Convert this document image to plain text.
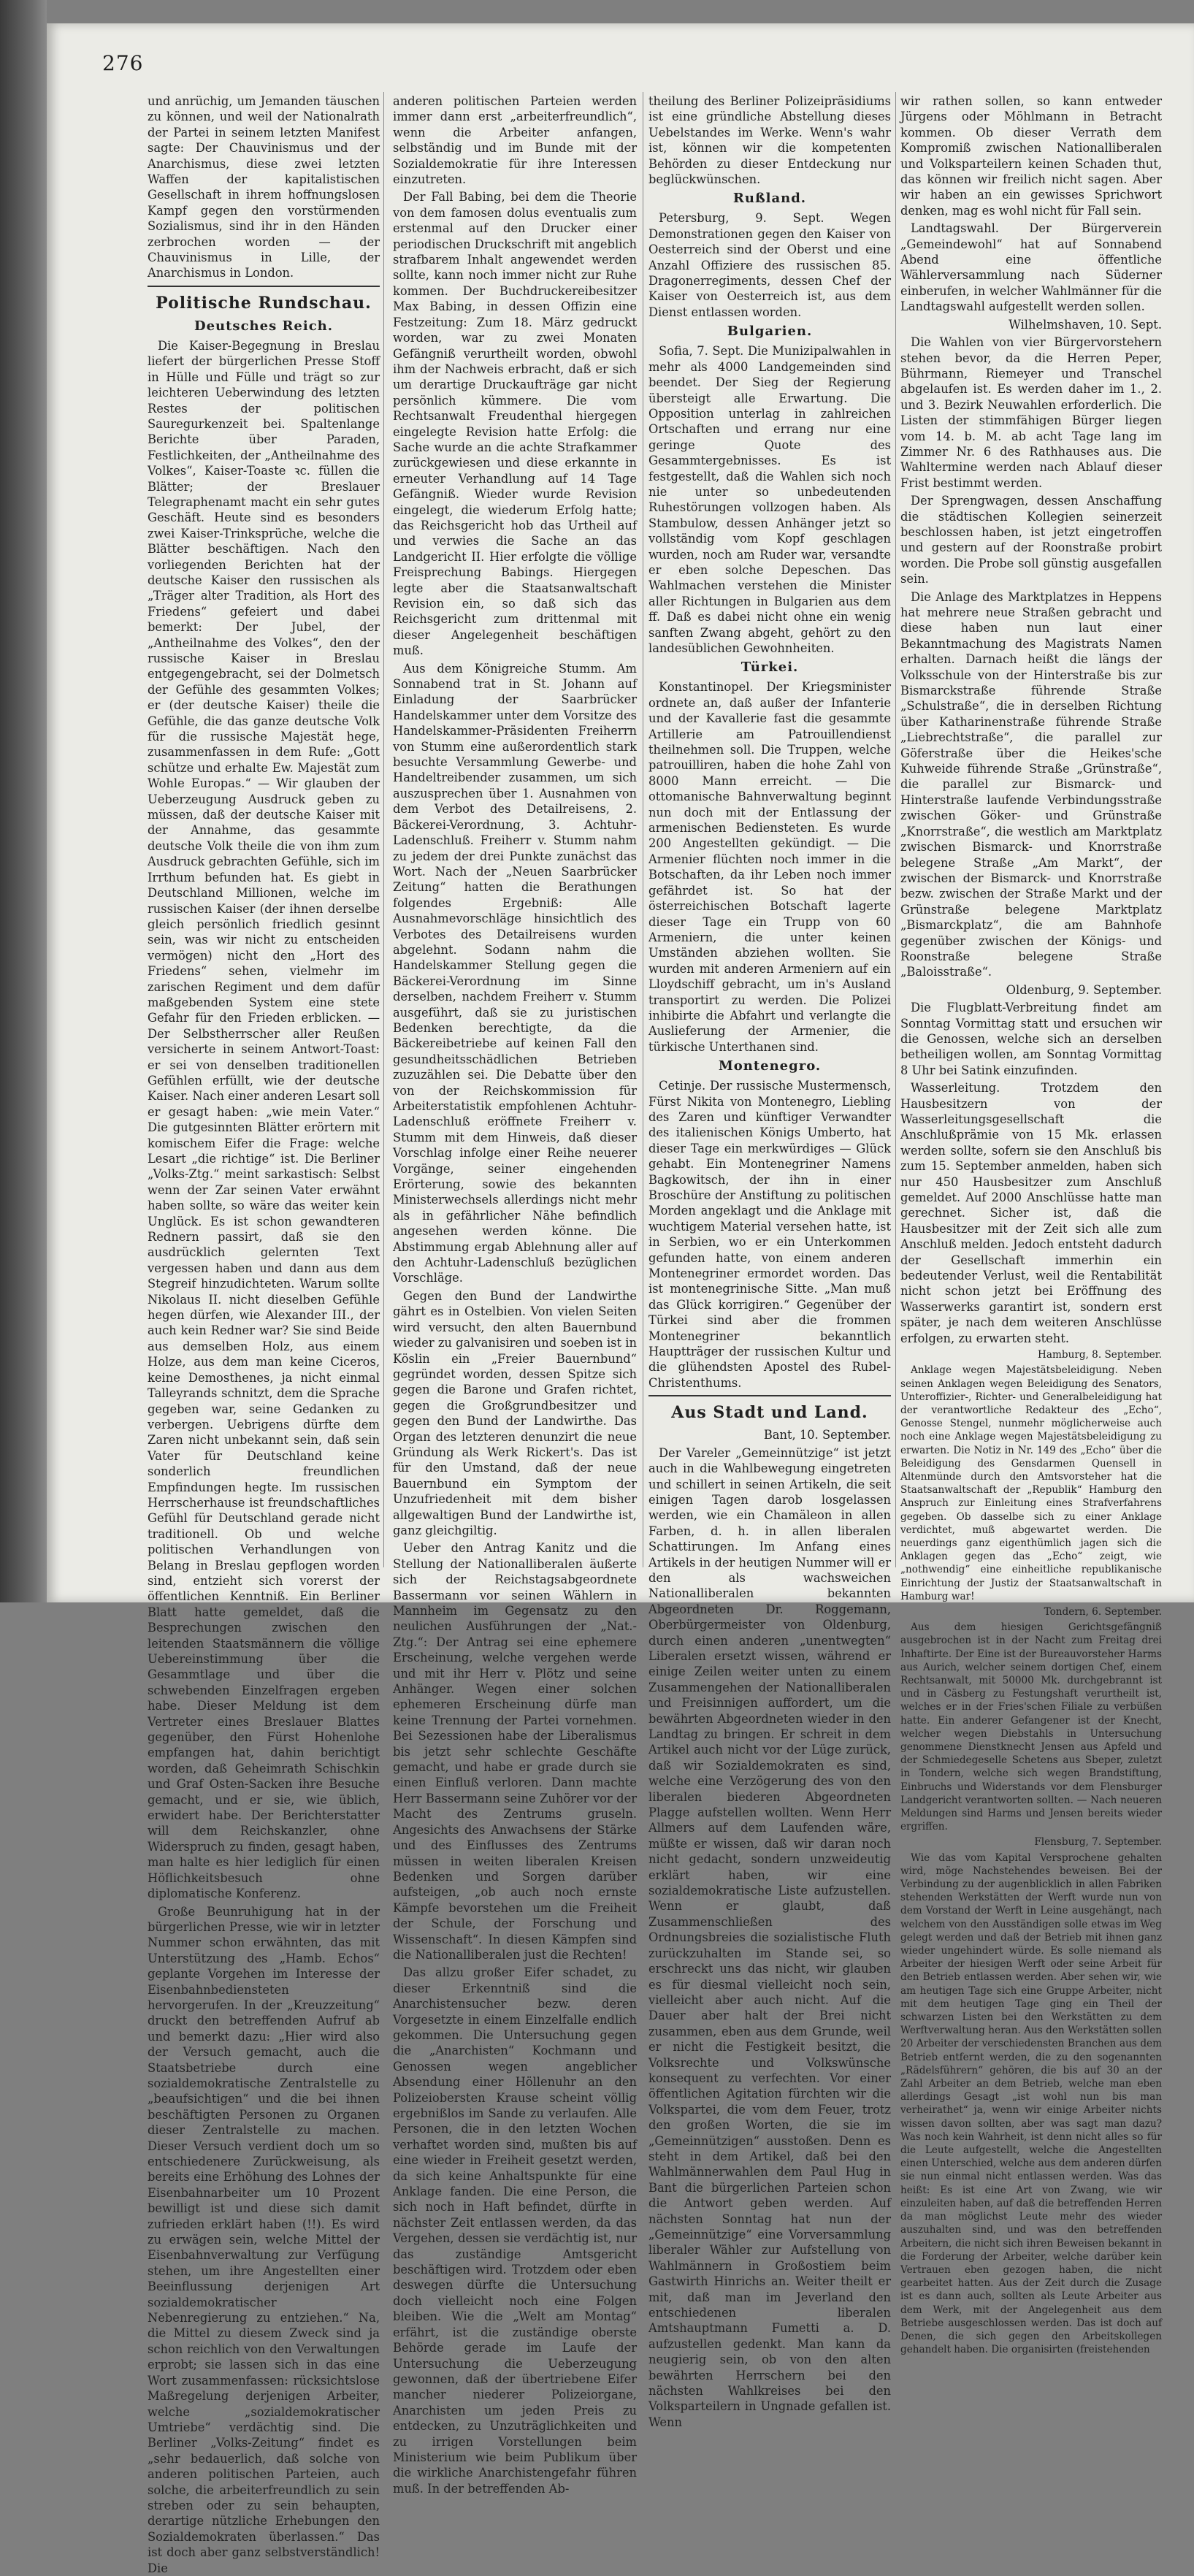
276

und anrüchig, um Jemanden täuschen zu können, und weil der Nationalrath der Partei in seinem letzten Manifest sagte: Der Chauvinismus und der Anarchismus, diese zwei letzten Waffen der kapitalistischen Gesellschaft in ihrem hoffnungslosen Kampf gegen den vorstürmenden Sozialismus, sind ihr in den Händen zerbrochen worden — der Chauvinismus in Lille, der Anarchismus in London.

Politische Rundschau.
Deutsches Reich.

Die Kaiser-Begegnung in Breslau liefert der bürgerlichen Presse Stoff in Hülle und Fülle und trägt so zur leichteren Ueberwindung des letzten Restes der politischen Sauregurkenzeit bei. Spaltenlange Berichte über Paraden, Festlichkeiten, der „Antheilnahme des Volkes“, Kaiser-Toaste ꝛc. füllen die Blätter; der Breslauer Telegraphenamt macht ein sehr gutes Geschäft. Heute sind es besonders zwei Kaiser-Trinksprüche, welche die Blätter beschäftigen. Nach den vorliegenden Berichten hat der deutsche Kaiser den russischen als „Träger alter Tradition, als Hort des Friedens“ gefeiert und dabei bemerkt: Der Jubel, der „Antheilnahme des Volkes“, den der russische Kaiser in Breslau entgegengebracht, sei der Dolmetsch der Gefühle des gesammten Volkes; er (der deutsche Kaiser) theile die Gefühle, die das ganze deutsche Volk für die russische Majestät hege, zusammenfassen in dem Rufe: „Gott schütze und erhalte Ew. Majestät zum Wohle Europas.“ — Wir glauben der Ueberzeugung Ausdruck geben zu müssen, daß der deutsche Kaiser mit der Annahme, das gesammte deutsche Volk theile die von ihm zum Ausdruck gebrachten Gefühle, sich im Irrthum befunden hat. Es giebt in Deutschland Millionen, welche im russischen Kaiser (der ihnen derselbe gleich persönlich friedlich gesinnt sein, was wir nicht zu entscheiden vermögen) nicht den „Hort des Friedens“ sehen, vielmehr im zarischen Regiment und dem dafür maßgebenden System eine stete Gefahr für den Frieden erblicken. — Der Selbstherrscher aller Reußen versicherte in seinem Antwort-Toast: er sei von denselben traditionellen Gefühlen erfüllt, wie der deutsche Kaiser. Nach einer anderen Lesart soll er gesagt haben: „wie mein Vater.“ Die gutgesinnten Blätter erörtern mit komischem Eifer die Frage: welche Lesart „die richtige“ ist. Die Berliner „Volks-Ztg.“ meint sarkastisch: Selbst wenn der Zar seinen Vater erwähnt haben sollte, so wäre das weiter kein Unglück. Es ist schon gewandteren Rednern passirt, daß sie den ausdrücklich gelernten Text vergessen haben und dann aus dem Stegreif hinzudichteten. Warum sollte Nikolaus II. nicht dieselben Gefühle hegen dürfen, wie Alexander III., der auch kein Redner war? Sie sind Beide aus demselben Holz, aus einem Holze, aus dem man keine Ciceros, keine Demosthenes, ja nicht einmal Talleyrands schnitzt, dem die Sprache gegeben war, seine Gedanken zu verbergen. Uebrigens dürfte dem Zaren nicht unbekannt sein, daß sein Vater für Deutschland keine sonderlich freundlichen Empfindungen hegte. Im russischen Herrscherhause ist freundschaftliches Gefühl für Deutschland gerade nicht traditionell. Ob und welche politischen Verhandlungen von Belang in Breslau gepflogen worden sind, entzieht sich vorerst der öffentlichen Kenntniß. Ein Berliner Blatt hatte gemeldet, daß die Besprechungen zwischen den leitenden Staatsmännern die völlige Uebereinstimmung über die Gesammtlage und über die schwebenden Einzelfragen ergeben habe. Dieser Meldung ist dem Vertreter eines Breslauer Blattes gegenüber, den Fürst Hohenlohe empfangen hat, dahin berichtigt worden, daß Geheimrath Schischkin und Graf Osten-Sacken ihre Besuche gemacht, und er sie, wie üblich, erwidert habe. Der Berichterstatter will dem Reichskanzler, ohne Widerspruch zu finden, gesagt haben, man halte es hier lediglich für einen Höflichkeitsbesuch ohne diplomatische Konferenz.

Große Beunruhigung hat in der bürgerlichen Presse, wie wir in letzter Nummer schon erwähnten, das mit Unterstützung des „Hamb. Echos“ geplante Vorgehen im Interesse der Eisenbahnbediensteten hervorgerufen. In der „Kreuzzeitung“ druckt den betreffenden Aufruf ab und bemerkt dazu: „Hier wird also der Versuch gemacht, auch die Staatsbetriebe durch eine sozialdemokratische Zentralstelle zu „beaufsichtigen“ und die bei ihnen beschäftigten Personen zu Organen dieser Zentralstelle zu machen. Dieser Versuch verdient doch um so entschiedenere Zurückweisung, als bereits eine Erhöhung des Lohnes der Eisenbahnarbeiter um 10 Prozent bewilligt ist und diese sich damit zufrieden erklärt haben (!!). Es wird zu erwägen sein, welche Mittel der Eisenbahnverwaltung zur Verfügung stehen, um ihre Angestellten einer Beeinflussung derjenigen Art sozialdemokratischer Nebenregierung zu entziehen.“ Na, die Mittel zu diesem Zweck sind ja schon reichlich von den Verwaltungen erprobt; sie lassen sich in das eine Wort zusammenfassen: rücksichtslose Maßregelung derjenigen Arbeiter, welche „sozialdemokratischer Umtriebe“ verdächtig sind. Die Berliner „Volks-Zeitung“ findet es „sehr bedauerlich, daß solche von anderen politischen Parteien, auch solche, die arbeiterfreundlich zu sein streben oder zu sein behaupten, derartige nützliche Erhebungen den Sozialdemokraten überlassen.“ Das ist doch aber ganz selbstverständlich! Die

anderen politischen Parteien werden immer dann erst „arbeiterfreundlich“, wenn die Arbeiter anfangen, selbständig und im Bunde mit der Sozialdemokratie für ihre Interessen einzutreten.

Der Fall Babing, bei dem die Theorie von dem famosen dolus eventualis zum erstenmal auf den Drucker einer periodischen Druckschrift mit angeblich strafbarem Inhalt angewendet werden sollte, kann noch immer nicht zur Ruhe kommen. Der Buchdruckereibesitzer Max Babing, in dessen Offizin eine Festzeitung: Zum 18. März gedruckt worden, war zu zwei Monaten Gefängniß verurtheilt worden, obwohl ihm der Nachweis erbracht, daß er sich um derartige Druckaufträge gar nicht persönlich kümmere. Die vom Rechtsanwalt Freudenthal hiergegen eingelegte Revision hatte Erfolg: die Sache wurde an die achte Strafkammer zurückgewiesen und diese erkannte in erneuter Verhandlung auf 14 Tage Gefängniß. Wieder wurde Revision eingelegt, die wiederum Erfolg hatte; das Reichsgericht hob das Urtheil auf und verwies die Sache an das Landgericht II. Hier erfolgte die völlige Freisprechung Babings. Hiergegen legte aber die Staatsanwaltschaft Revision ein, so daß sich das Reichsgericht zum drittenmal mit dieser Angelegenheit beschäftigen muß.

Aus dem Königreiche Stumm. Am Sonnabend trat in St. Johann auf Einladung der Saarbrücker Handelskammer unter dem Vorsitze des Handelskammer-Präsidenten Freiherrn von Stumm eine außerordentlich stark besuchte Versammlung Gewerbe- und Handeltreibender zusammen, um sich auszusprechen über 1. Ausnahmen von dem Verbot des Detailreisens, 2. Bäckerei-Verordnung, 3. Achtuhr-Ladenschluß. Freiherr v. Stumm nahm zu jedem der drei Punkte zunächst das Wort. Nach der „Neuen Saarbrücker Zeitung“ hatten die Berathungen folgendes Ergebniß: Alle Ausnahmevorschläge hinsichtlich des Verbotes des Detailreisens wurden abgelehnt. Sodann nahm die Handelskammer Stellung gegen die Bäckerei-Verordnung im Sinne derselben, nachdem Freiherr v. Stumm ausgeführt, daß sie zu juristischen Bedenken berechtigte, da die Bäckereibetriebe auf keinen Fall den gesundheitsschädlichen Betrieben zuzuzählen sei. Die Debatte über den von der Reichskommission für Arbeiterstatistik empfohlenen Achtuhr-Ladenschluß eröffnete Freiherr v. Stumm mit dem Hinweis, daß dieser Vorschlag infolge einer Reihe neuerer Vorgänge, seiner eingehenden Erörterung, sowie des bekannten Ministerwechsels allerdings nicht mehr als in gefährlicher Nähe befindlich angesehen werden könne. Die Abstimmung ergab Ablehnung aller auf den Achtuhr-Ladenschluß bezüglichen Vorschläge.

Gegen den Bund der Landwirthe gährt es in Ostelbien. Von vielen Seiten wird versucht, den alten Bauernbund wieder zu galvanisiren und soeben ist in Köslin ein „Freier Bauernbund“ gegründet worden, dessen Spitze sich gegen die Barone und Grafen richtet, gegen die Großgrundbesitzer und gegen den Bund der Landwirthe. Das Organ des letzteren denunzirt die neue Gründung als Werk Rickert's. Das ist für den Umstand, daß der neue Bauernbund ein Symptom der Unzufriedenheit mit dem bisher allgewaltigen Bund der Landwirthe ist, ganz gleichgiltig.

Ueber den Antrag Kanitz und die Stellung der Nationalliberalen äußerte sich der Reichstagsabgeordnete Bassermann vor seinen Wählern in Mannheim im Gegensatz zu den neulichen Ausführungen der „Nat.-Ztg.“: Der Antrag sei eine ephemere Erscheinung, welche vergehen werde und mit ihr Herr v. Plötz und seine Anhänger. Wegen einer solchen ephemeren Erscheinung dürfe man keine Trennung der Partei vornehmen. Bei Sezessionen habe der Liberalismus bis jetzt sehr schlechte Geschäfte gemacht, und habe er grade durch sie einen Einfluß verloren. Dann machte Herr Bassermann seine Zuhörer vor der Macht des Zentrums gruseln. Angesichts des Anwachsens der Stärke und des Einflusses des Zentrums müssen in weiten liberalen Kreisen Bedenken und Sorgen darüber aufsteigen, „ob auch noch ernste Kämpfe bevorstehen um die Freiheit der Schule, der Forschung und Wissenschaft“. In diesen Kämpfen sind die Nationalliberalen just die Rechten!

Das allzu großer Eifer schadet, zu dieser Erkenntniß sind die Anarchistensucher bezw. deren Vorgesetzte in einem Einzelfalle endlich gekommen. Die Untersuchung gegen die „Anarchisten“ Kochmann und Genossen wegen angeblicher Absendung einer Höllenuhr an den Polizeiobersten Krause scheint völlig ergebnißlos im Sande zu verlaufen. Alle Personen, die in den letzten Wochen verhaftet worden sind, mußten bis auf eine wieder in Freiheit gesetzt werden, da sich keine Anhaltspunkte für eine Anklage fanden. Die eine Person, die sich noch in Haft befindet, dürfte in nächster Zeit entlassen werden, da das Vergehen, dessen sie verdächtig ist, nur das zuständige Amtsgericht beschäftigen wird. Trotzdem oder eben deswegen dürfte die Untersuchung doch vielleicht noch eine Folgen bleiben. Wie die „Welt am Montag“ erfährt, ist die zuständige oberste Behörde gerade im Laufe der Untersuchung die Ueberzeugung gewonnen, daß der übertriebene Eifer mancher niederer Polizeiorgane, Anarchisten um jeden Preis zu entdecken, zu Unzuträglichkeiten und zu irrigen Vorstellungen beim Ministerium wie beim Publikum über die wirkliche Anarchistengefahr führen muß. In der betreffenden Ab-

theilung des Berliner Polizeipräsidiums ist eine gründliche Abstellung dieses Uebelstandes im Werke. Wenn's wahr ist, können wir die kompetenten Behörden zu dieser Entdeckung nur beglückwünschen.

Rußland.

Petersburg, 9. Sept. Wegen Demonstrationen gegen den Kaiser von Oesterreich sind der Oberst und eine Anzahl Offiziere des russischen 85. Dragonerregiments, dessen Chef der Kaiser von Oesterreich ist, aus dem Dienst entlassen worden.

Bulgarien.

Sofia, 7. Sept. Die Munizipalwahlen in mehr als 4000 Landgemeinden sind beendet. Der Sieg der Regierung übersteigt alle Erwartung. Die Opposition unterlag in zahlreichen Ortschaften und errang nur eine geringe Quote des Gesammtergebnisses. Es ist festgestellt, daß die Wahlen sich noch nie unter so unbedeutenden Ruhestörungen vollzogen haben. Als Stambulow, dessen Anhänger jetzt so vollständig vom Kopf geschlagen wurden, noch am Ruder war, versandte er eben solche Depeschen. Das Wahlmachen verstehen die Minister aller Richtungen in Bulgarien aus dem ff. Daß es dabei nicht ohne ein wenig sanften Zwang abgeht, gehört zu den landesüblichen Gewohnheiten.

Türkei.

Konstantinopel. Der Kriegsminister ordnete an, daß außer der Infanterie und der Kavallerie fast die gesammte Artillerie am Patrouillendienst theilnehmen soll. Die Truppen, welche patrouilliren, haben die hohe Zahl von 8000 Mann erreicht. — Die ottomanische Bahnverwaltung beginnt nun doch mit der Entlassung der armenischen Bediensteten. Es wurde 200 Angestellten gekündigt. — Die Armenier flüchten noch immer in die Botschaften, da ihr Leben noch immer gefährdet ist. So hat der österreichischen Botschaft lagerte dieser Tage ein Trupp von 60 Armeniern, die unter keinen Umständen abziehen wollten. Sie wurden mit anderen Armeniern auf ein Lloydschiff gebracht, um in's Ausland transportirt zu werden. Die Polizei inhibirte die Abfahrt und verlangte die Auslieferung der Armenier, die türkische Unterthanen sind.

Montenegro.

Cetinje. Der russische Mustermensch, Fürst Nikita von Montenegro, Liebling des Zaren und künftiger Verwandter des italienischen Königs Umberto, hat dieser Tage ein merkwürdiges — Glück gehabt. Ein Montenegriner Namens Bagkowitsch, der ihn in einer Broschüre der Anstiftung zu politischen Morden angeklagt und die Anklage mit wuchtigem Material versehen hatte, ist in Serbien, wo er ein Unterkommen gefunden hatte, von einem anderen Montenegriner ermordet worden. Das ist montenegrinische Sitte. „Man muß das Glück korrigiren.“ Gegenüber der Türkei sind aber die frommen Montenegriner bekanntlich Hauptträger der russischen Kultur und die glühendsten Apostel des Rubel-Christenthums.

Aus Stadt und Land.

Bant, 10. September.

Der Vareler „Gemeinnützige“ ist jetzt auch in die Wahlbewegung eingetreten und schillert in seinen Artikeln, die seit einigen Tagen darob losgelassen werden, wie ein Chamäleon in allen Farben, d. h. in allen liberalen Schattirungen. Im Anfang eines Artikels in der heutigen Nummer will er den als wachsweichen Nationalliberalen bekannten Abgeordneten Dr. Roggemann, Oberbürgermeister von Oldenburg, durch einen anderen „unentwegten“ Liberalen ersetzt wissen, während er einige Zeilen weiter unten zu einem Zusammengehen der Nationalliberalen und Freisinnigen auffordert, um die bewährten Abgeordneten wieder in den Landtag zu bringen. Er schreit in dem Artikel auch nicht vor der Lüge zurück, daß wir Sozialdemokraten es sind, welche eine Verzögerung des von den liberalen biederen Abgeordneten Plagge aufstellen wollten. Wenn Herr Allmers auf dem Laufenden wäre, müßte er wissen, daß wir daran noch nicht gedacht, sondern unzweideutig erklärt haben, wir eine sozialdemokratische Liste aufzustellen. Wenn er glaubt, daß Zusammenschließen des Ordnungsbreies die sozialistische Fluth zurückzuhalten im Stande sei, so erschreckt uns das nicht, wir glauben es für diesmal vielleicht noch sein, vielleicht aber auch nicht. Auf die Dauer aber halt der Brei nicht zusammen, eben aus dem Grunde, weil er nicht die Festigkeit besitzt, die Volksrechte und Volkswünsche konsequent zu verfechten. Vor einer öffentlichen Agitation fürchten wir die Volkspartei, die vom dem Feuer, trotz den großen Worten, die sie im „Gemeinnützigen“ ausstoßen. Denn es steht in dem Artikel, daß bei den Wahlmännerwahlen dem Paul Hug in Bant die bürgerlichen Parteien schon die Antwort geben werden. Auf nächsten Sonntag hat nun der „Gemeinnützige“ eine Vorversammlung liberaler Wähler zur Aufstellung von Wahlmännern in Großostiem beim Gastwirth Hinrichs an. Weiter theilt er mit, daß man im Jeverland den entschiedenen liberalen Amtshauptmann Fumetti a. D. aufzustellen gedenkt. Man kann da neugierig sein, ob von den alten bewährten Herrschern bei den nächsten Wahlkreises bei den Volksparteilern in Ungnade gefallen ist. Wenn

wir rathen sollen, so kann entweder Jürgens oder Möhlmann in Betracht kommen. Ob dieser Verrath dem Kompromiß zwischen Nationalliberalen und Volksparteilern keinen Schaden thut, das können wir freilich nicht sagen. Aber wir haben an ein gewisses Sprichwort denken, mag es wohl nicht für Fall sein.

Landtagswahl. Der Bürgerverein „Gemeindewohl“ hat auf Sonnabend Abend eine öffentliche Wählerversammlung nach Süderner einberufen, in welcher Wahlmänner für die Landtagswahl aufgestellt werden sollen.

Wilhelmshaven, 10. Sept.

Die Wahlen von vier Bürgervorstehern stehen bevor, da die Herren Peper, Bührmann, Riemeyer und Transchel abgelaufen ist. Es werden daher im 1., 2. und 3. Bezirk Neuwahlen erforderlich. Die Listen der stimmfähigen Bürger liegen vom 14. b. M. ab acht Tage lang im Zimmer Nr. 6 des Rathhauses aus. Die Wahltermine werden nach Ablauf dieser Frist bestimmt werden.

Der Sprengwagen, dessen Anschaffung die städtischen Kollegien seinerzeit beschlossen haben, ist jetzt eingetroffen und gestern auf der Roonstraße probirt worden. Die Probe soll günstig ausgefallen sein.

Die Anlage des Marktplatzes in Heppens hat mehrere neue Straßen gebracht und diese haben nun laut einer Bekanntmachung des Magistrats Namen erhalten. Darnach heißt die längs der Volksschule von der Hinterstraße bis zur Bismarckstraße führende Straße „Schulstraße“, die in derselben Richtung über Katharinenstraße führende Straße „Liebrechtstraße“, die parallel zur Göferstraße über die Heikes'sche Kuhweide führende Straße „Grünstraße“, die parallel zur Bismarck- und Hinterstraße laufende Verbindungsstraße zwischen Göker- und Grünstraße „Knorrstraße“, die westlich am Marktplatz zwischen Bismarck- und Knorrstraße belegene Straße „Am Markt“, der zwischen der Bismarck- und Knorrstraße bezw. zwischen der Straße Markt und der Grünstraße belegene Marktplatz „Bismarckplatz“, die am Bahnhofe gegenüber zwischen der Königs- und Roonstraße belegene Straße „Baloisstraße“.

Oldenburg, 9. September.

Die Flugblatt-Verbreitung findet am Sonntag Vormittag statt und ersuchen wir die Genossen, welche sich an derselben betheiligen wollen, am Sonntag Vormittag 8 Uhr bei Satink einzufinden.

Wasserleitung. Trotzdem den Hausbesitzern von der Wasserleitungsgesellschaft die Anschlußprämie von 15 Mk. erlassen werden sollte, sofern sie den Anschluß bis zum 15. September anmelden, haben sich nur 450 Hausbesitzer zum Anschluß gemeldet. Auf 2000 Anschlüsse hatte man gerechnet. Sicher ist, daß die Hausbesitzer mit der Zeit sich alle zum Anschluß melden. Jedoch entsteht dadurch der Gesellschaft immerhin ein bedeutender Verlust, weil die Rentabilität nicht schon jetzt bei Eröffnung des Wasserwerks garantirt ist, sondern erst später, je nach dem weiteren Anschlüsse erfolgen, zu erwarten steht.

Hamburg, 8. September.

Anklage wegen Majestätsbeleidigung. Neben seinen Anklagen wegen Beleidigung des Senators, Unteroffizier-, Richter- und Generalbeleidigung hat der verantwortliche Redakteur des „Echo“, Genosse Stengel, nunmehr möglicherweise auch noch eine Anklage wegen Majestätsbeleidigung zu erwarten. Die Notiz in Nr. 149 des „Echo“ über die Beleidigung des Gensdarmen Quensell in Altenmünde durch den Amtsvorsteher hat die Staatsanwaltschaft der „Republik“ Hamburg den Anspruch zur Einleitung eines Strafverfahrens gegeben. Ob dasselbe sich zu einer Anklage verdichtet, muß abgewartet werden. Die neuerdings ganz eigenthümlich jagen sich die Anklagen gegen das „Echo“ zeigt, wie „nothwendig“ eine einheitliche republikanische Einrichtung der Justiz der Staatsanwaltschaft in Hamburg war!

Tondern, 6. September.

Aus dem hiesigen Gerichtsgefängniß ausgebrochen ist in der Nacht zum Freitag drei Inhaftirte. Der Eine ist der Bureauvorsteher Harms aus Aurich, welcher seinem dortigen Chef, einem Rechtsanwalt, mit 50000 Mk. durchgebrannt ist und in Cäsberg zu Festungshaft verurtheilt ist, welches er in der Fries'schen Filiale zu verbüßen hatte. Ein anderer Gefangener ist der Knecht, welcher wegen Diebstahls in Untersuchung genommene Dienstknecht Jensen aus Apfeld und der Schmiedegeselle Schetens aus Sbeper, zuletzt in Tondern, welche sich wegen Brandstiftung, Einbruchs und Widerstands vor dem Flensburger Landgericht verantworten sollten. — Nach neueren Meldungen sind Harms und Jensen bereits wieder ergriffen.

Flensburg, 7. September.

Wie das vom Kapital Versprochene gehalten wird, möge Nachstehendes beweisen. Bei der Verbindung zu der augenblicklich in allen Fabriken stehenden Werkstätten der Werft wurde nun von dem Vorstand der Werft in Leine ausgehängt, nach welchem von den Ausständigen solle etwas im Weg gelegt werden und daß der Betrieb mit ihnen ganz wieder ungehindert würde. Es solle niemand als Arbeiter der hiesigen Werft oder seine Arbeit für den Betrieb entlassen werden. Aber sehen wir, wie am heutigen Tage sich eine Gruppe Arbeiter, nicht mit dem heutigen Tage ging ein Theil der schwarzen Listen bei den Werkstätten zu dem Werftverwaltung heran. Aus den Werkstätten sollen 20 Arbeiter der verschiedensten Branchen aus dem Betrieb entfernt werden, die zu den sogenannten „Rädelsführern“ gehören, die bis auf 30 an der Zahl Arbeiter an dem Betrieb, welche man eben allerdings Gesagt „ist wohl nun bis man verheirathet“ ja, wenn wir einige Arbeiter nichts wissen davon sollten, aber was sagt man dazu? Was noch kein Wahrheit, ist denn nicht alles so für die Leute aufgestellt, welche die Angestellten einen Unterschied, welche aus dem anderen dürfen sie nun einmal nicht entlassen werden. Was das heißt: Es ist eine Art von Zwang, wie wir einzuleiten haben, auf daß die betreffenden Herren da man möglichst Leute mehr des wieder auszuhalten sind, und was den betreffenden Arbeitern, die nicht sich ihren Beweisen bekannt in die Forderung der Arbeiter, welche darüber kein Vertrauen eben gezogen haben, die nicht gearbeitet hatten. Aus der Zeit durch die Zusage ist es dann auch, sollten als Leute Arbeiter aus dem Werk, mit der Angelegenheit aus dem Betriebe ausgeschlossen werden. Das ist doch auf Denen, die sich gegen den Arbeitskollegen gehandelt haben. Die organisirten (freistehenden
